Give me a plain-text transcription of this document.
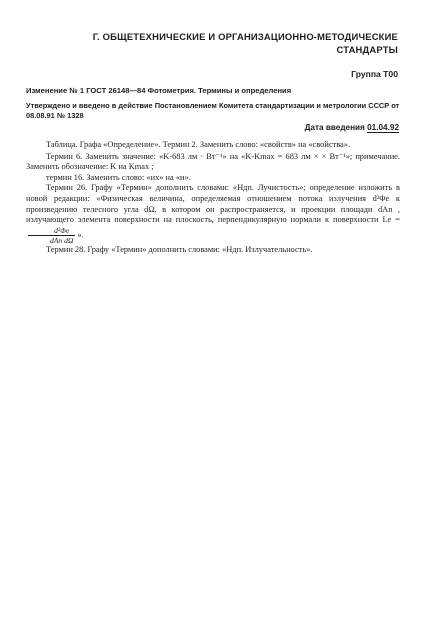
Г. ОБЩЕТЕХНИЧЕСКИЕ И ОРГАНИЗАЦИОННО-МЕТОДИЧЕСКИЕ
СТАНДАРТЫ
Группа Т00
Изменение № 1 ГОСТ 26148—84 Фотометрия. Термины и определения
Утверждено и введено в действие Постановлением Комитета стандартизации и метрологии СССР от 08.08.91 № 1328
Дата введения 01.04.92

Таблица. Графа «Определение». Термин 2. Заменить слово: «свойств» на «свойства».

Термин 6. Заменить значение: «K-683 лм · Вт⁻¹» на «K-Kmax = 683 лм × × Вт⁻¹»; примечание. Заменить обозначение: K на Kmax ;

термин 16. Заменить слово: «их» на «и».

Термин 26. Графу «Термин» дополнить словами: «Ндп. Лучистость»; определение изложить в новой редакции: «Физическая величина, определяемая отношением потока излучения d²Φe к произведению телесного угла dΩ, в котором он распространяется, и проекции площади dAn , излучающего элемента поверхности на плоскость, перпендикулярную нормали к поверхности Le =
$\frac{\text{d²Φe}}{\text{dAn dΩ}}$ ».

Термин 28. Графу «Термин» дополнить словами: «Ндп. Излучательность».
